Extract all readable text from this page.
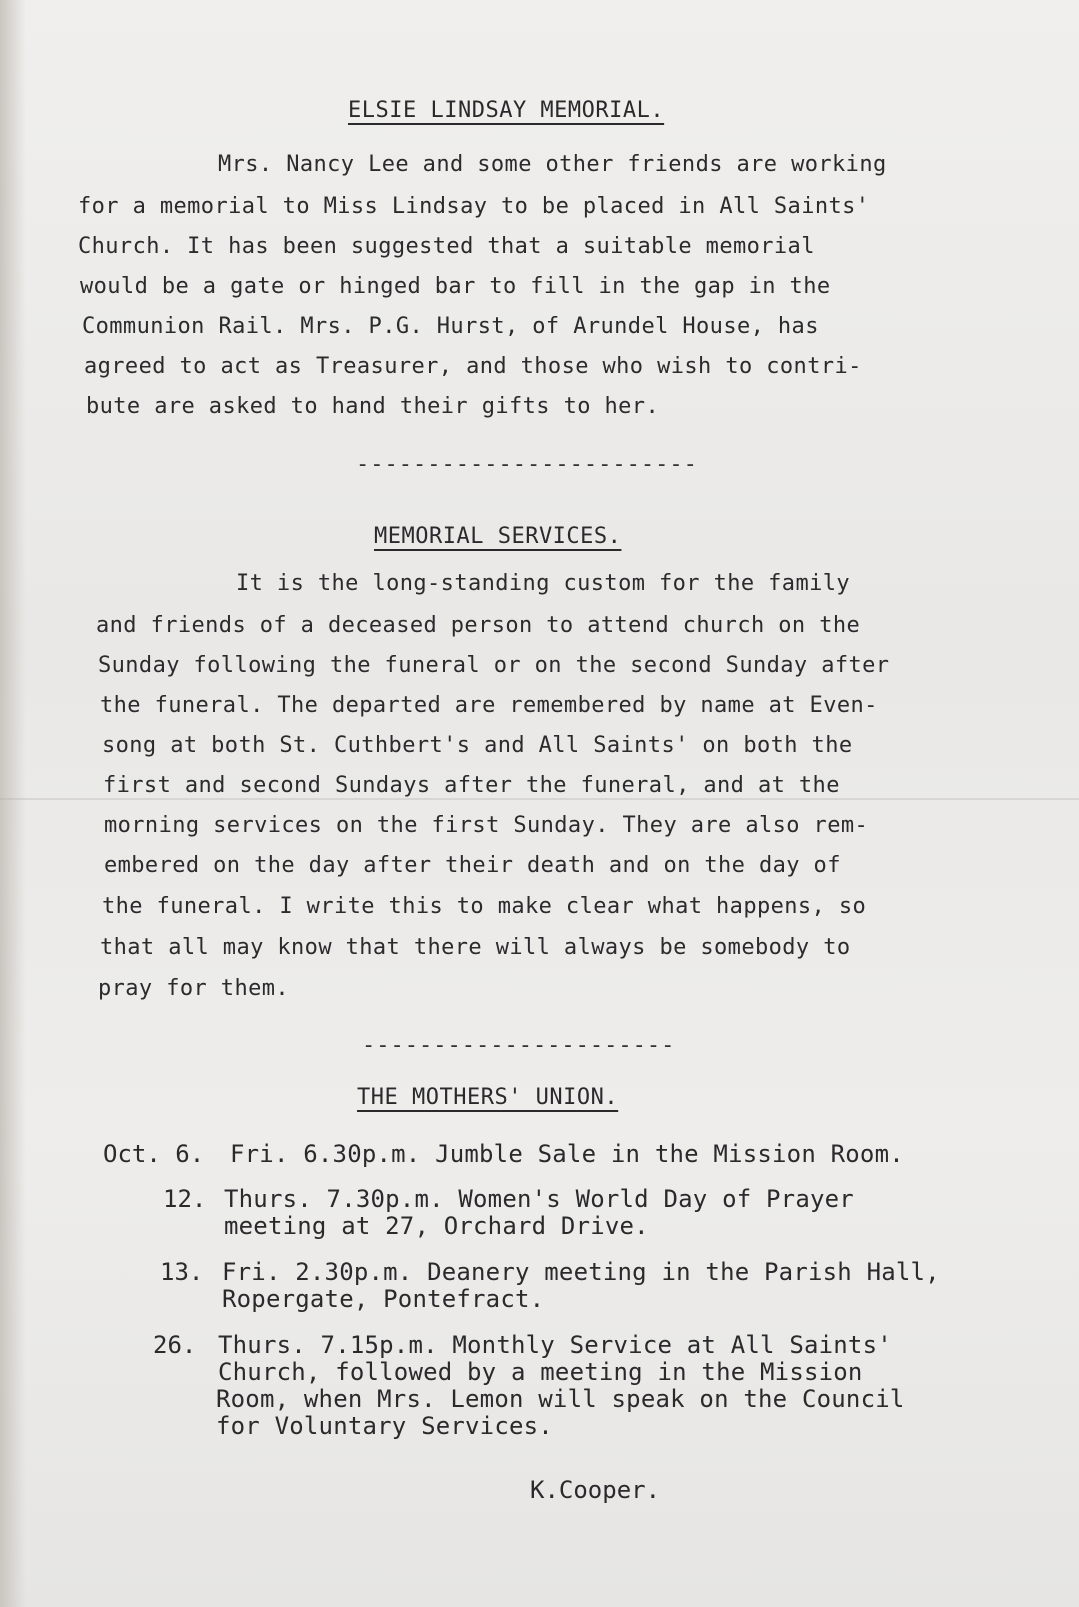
ELSIE LINDSAY MEMORIAL.
Mrs. Nancy Lee and some other friends are working
for a memorial to Miss Lindsay to be placed in All Saints'
Church. It has been suggested that a suitable memorial
would be a gate or hinged bar to fill in the gap in the
Communion Rail. Mrs. P.G. Hurst, of Arundel House, has
agreed to act as Treasurer, and those who wish to contri-
bute are asked to hand their gifts to her.
------------------------
MEMORIAL SERVICES.
It is the long-standing custom for the family
and friends of a deceased person to attend church on the
Sunday following the funeral or on the second Sunday after
the funeral. The departed are remembered by name at Even-
song at both St. Cuthbert's and All Saints' on both the
first and second Sundays after the funeral, and at the
morning services on the first Sunday. They are also rem-
embered on the day after their death and on the day of
the funeral. I write this to make clear what happens, so
that all may know that there will always be somebody to
pray for them.
----------------------
THE MOTHERS' UNION.
Oct. 6. Fri. 6.30p.m. Jumble Sale in the Mission Room.
12. Thurs. 7.30p.m. Women's World Day of Prayer
meeting at 27, Orchard Drive.
13. Fri. 2.30p.m. Deanery meeting in the Parish Hall,
Ropergate, Pontefract.
26. Thurs. 7.15p.m. Monthly Service at All Saints'
Church, followed by a meeting in the Mission
Room, when Mrs. Lemon will speak on the Council
for Voluntary Services.
K.Cooper.
